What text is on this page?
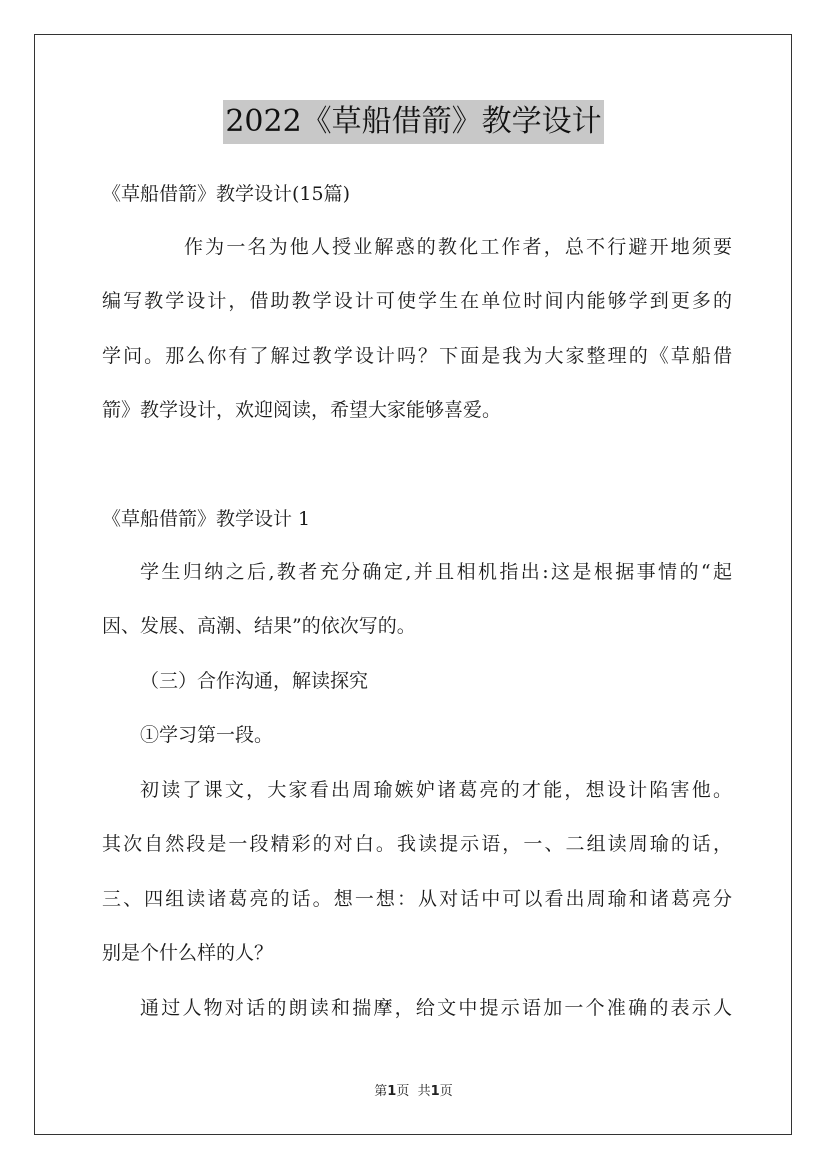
2022《草船借箭》教学设计
《草船借箭》教学设计(15篇)
作为一名为他人授业解惑的教化工作者，总不行避开地须要
编写教学设计，借助教学设计可使学生在单位时间内能够学到更多的
学问。那么你有了解过教学设计吗？下面是我为大家整理的《草船借
箭》教学设计，欢迎阅读，希望大家能够喜爱。
《草船借箭》教学设计 1
学生归纳之后,教者充分确定,并且相机指出:这是根据事情的“起
因、发展、高潮、结果”的依次写的。
（三）合作沟通，解读探究
①学习第一段。
初读了课文，大家看出周瑜嫉妒诸葛亮的才能，想设计陷害他。
其次自然段是一段精彩的对白。我读提示语，一、二组读周瑜的话，
三、四组读诸葛亮的话。想一想：从对话中可以看出周瑜和诸葛亮分
别是个什么样的人？
通过人物对话的朗读和揣摩，给文中提示语加一个准确的表示人
第1页 共1页
